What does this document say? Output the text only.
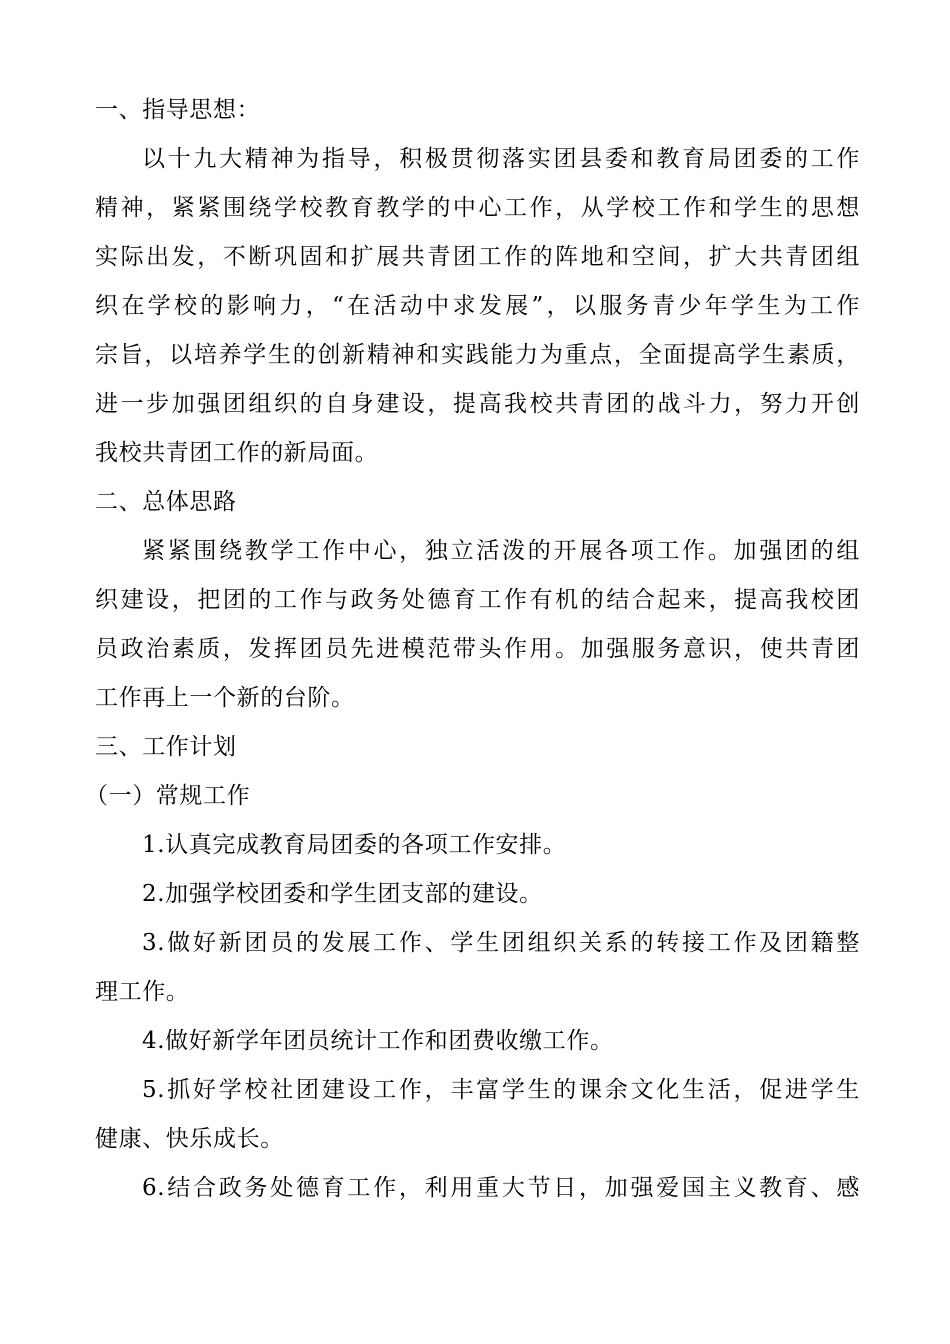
一、指导思想：
以十九大精神为指导，积极贯彻落实团县委和教育局团委的工作
精神，紧紧围绕学校教育教学的中心工作，从学校工作和学生的思想
实际出发，不断巩固和扩展共青团工作的阵地和空间，扩大共青团组
织在学校的影响力，“在活动中求发展”，以服务青少年学生为工作
宗旨，以培养学生的创新精神和实践能力为重点，全面提高学生素质，
进一步加强团组织的自身建设，提高我校共青团的战斗力，努力开创
我校共青团工作的新局面。
二、总体思路
紧紧围绕教学工作中心，独立活泼的开展各项工作。加强团的组
织建设，把团的工作与政务处德育工作有机的结合起来，提高我校团
员政治素质，发挥团员先进模范带头作用。加强服务意识，使共青团
工作再上一个新的台阶。
三、工作计划
（一）常规工作
1.认真完成教育局团委的各项工作安排。
2.加强学校团委和学生团支部的建设。
3.做好新团员的发展工作、学生团组织关系的转接工作及团籍整
理工作。
4.做好新学年团员统计工作和团费收缴工作。
5.抓好学校社团建设工作，丰富学生的课余文化生活，促进学生
健康、快乐成长。
6.结合政务处德育工作，利用重大节日，加强爱国主义教育、感
